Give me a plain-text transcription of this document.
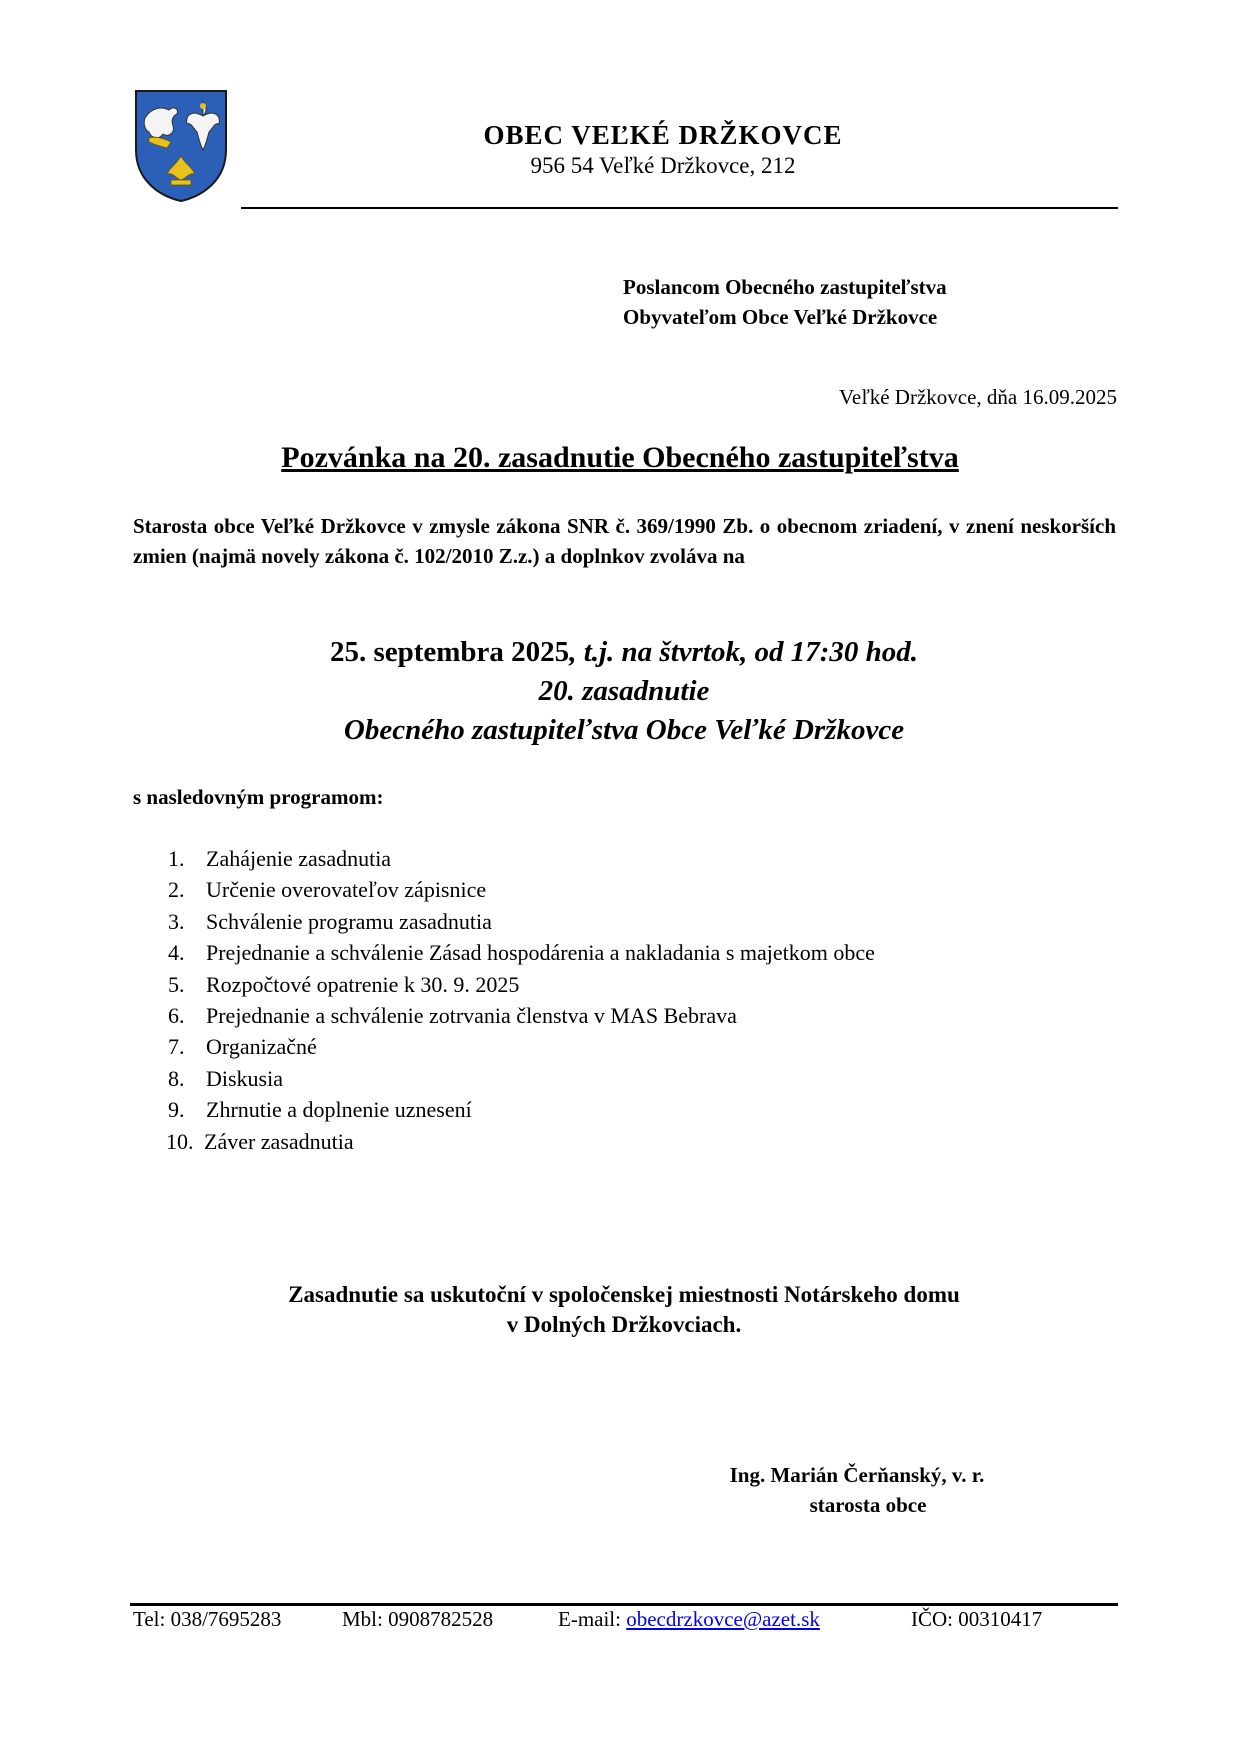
OBEC VEĽKÉ DRŽKOVCE
956 54 Veľké Držkovce, 212
Poslancom Obecného zastupiteľstva
Obyvateľom Obce Veľké Držkovce
Veľké Držkovce, dňa 16.09.2025
Pozvánka na 20. zasadnutie Obecného zastupiteľstva
Starosta obce Veľké Držkovce v zmysle zákona SNR č. 369/1990 Zb. o obecnom zriadení, v znení neskorších zmien (najmä novely zákona č. 102/2010 Z.z.) a doplnkov zvoláva na
25. septembra 2025, t.j. na štvrtok, od 17:30 hod.
20. zasadnutie
Obecného zastupiteľstva Obce Veľké Držkovce
s nasledovným programom:
1. Zahájenie zasadnutia
2. Určenie overovateľov zápisnice
3. Schválenie programu zasadnutia
4. Prejednanie a schválenie Zásad hospodárenia a nakladania s majetkom obce
5. Rozpočtové opatrenie k 30. 9. 2025
6. Prejednanie a schválenie zotrvania členstva v MAS Bebrava
7. Organizačné
8. Diskusia
9. Zhrnutie a doplnenie uznesení
10. Záver zasadnutia
Zasadnutie sa uskutoční v spoločenskej miestnosti Notárskeho domu
v Dolných Držkovciach.
Ing. Marián Čerňanský, v. r.
starosta obce
Tel: 038/7695283	Mbl: 0908782528	E-mail: obecdrzkovce@azet.sk	IČO: 00310417
